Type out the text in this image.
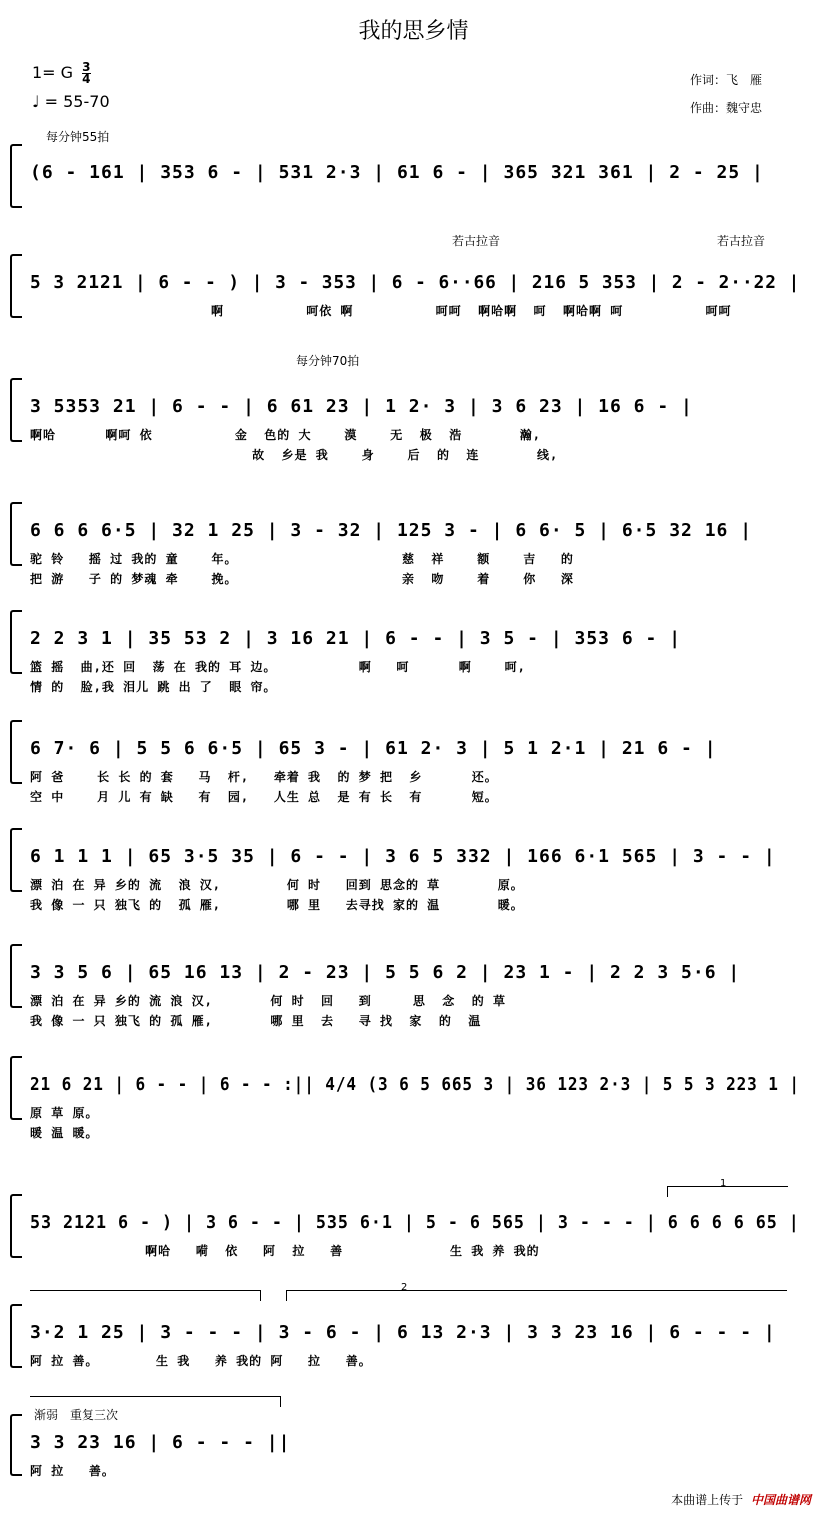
我的思乡情
1= G $\frac{3}{4}$
♩ = 55-70
作词：飞　雁
作曲：魏守忠
每分钟55拍
若古拉音	若古拉音
每分钟70拍
(6 - 161 | 353 6 - | 531 2·3 | 61 6 - | 365 321 361 | 2 - 25 |
5 3 2121 | 6 - - ) | 3 - 353 | 6 - 6··66 | 216 5 353 | 2 - 2··22 |
啊          呵依 啊          呵呵  啊哈啊  呵  啊哈啊 呵          呵呵
3 5353 21 | 6 - - | 6 61 23 | 1 2· 3 | 3 6 23 | 16 6 - |
啊哈      啊呵 依          金  色的 大    漠    无  极  浩       瀚,
故  乡是 我    身    后  的  连       线,
6 6 6 6·5 | 32 1 25 | 3 - 32 | 125 3 - | 6 6· 5 | 6·5 32 16 |
驼 铃   摇 过 我的 童    年。                    慈  祥    额    吉   的
把 游   子 的 梦魂 牵    挽。                    亲  吻    着    你   深
2 2 3 1 | 35 53 2 | 3 16 21 | 6 - - | 3 5 - | 353 6 - |
篮 摇  曲,还 回  荡 在 我的 耳 边。          啊   呵      啊    呵,
情 的  脸,我 泪儿 跳 出 了  眼 帘。
6 7· 6 | 5 5 6 6·5 | 65 3 - | 61 2· 3 | 5 1 2·1 | 21 6 - |
阿 爸    长 长 的 套   马  杆,   牵着 我  的 梦 把  乡      还。
空 中    月 儿 有 缺   有  园,   人生 总  是 有 长  有      短。
6 1 1 1 | 65 3·5 35 | 6 - - | 3 6 5 332 | 166 6·1 565 | 3 - - |
漂 泊 在 异 乡的 流  浪 汉,        何 时   回到 思念的 草       原。
我 像 一 只 独飞 的  孤 雁,        哪 里   去寻找 家的 温       暖。
3 3 5 6 | 65 16 13 | 2 - 23 | 5 5 6 2 | 23 1 - | 2 2 3 5·6 |
漂 泊 在 异 乡的 流 浪 汉,       何 时  回   到     思  念  的 草
我 像 一 只 独飞 的 孤 雁,       哪 里  去   寻 找  家  的  温
21 6 21 | 6 - - | 6 - - :|| 4/4 (3 6 5 665 3 | 36 123 2·3 | 5 5 3 223 1 |
原 草 原。
暖 温 暖。
53 2121 6 - ) | 3 6 - - | 535 6·1 | 5 - 6 565 | 3 - - - | 6 6 6 6 65 |
啊哈   嗬  依   阿  拉   善             生 我 养 我的
3·2 1 25 | 3 - - - | 3 - 6 - | 6 13 2·3 | 3 3 23 16 | 6 - - - |
阿 拉 善。       生 我   养 我的 阿   拉   善。
3 3 23 16 | 6 - - - ||
阿 拉   善。
1
2
渐弱　重复三次
本曲谱上传于 中国曲谱网
